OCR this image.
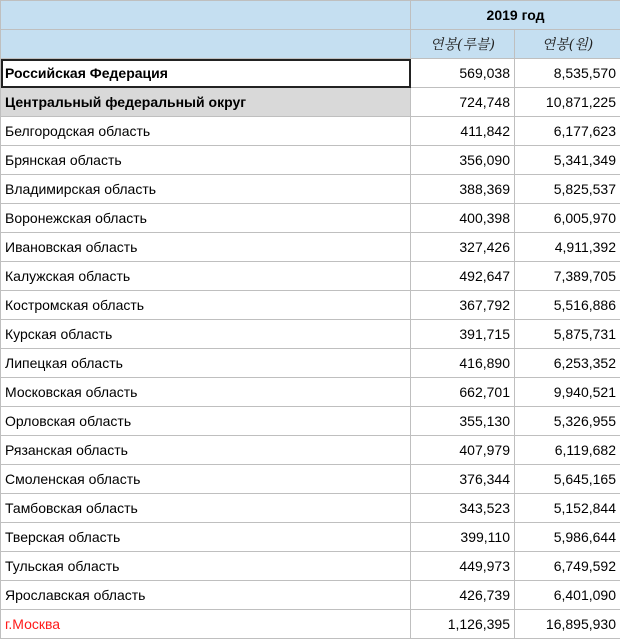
	2019 год	
	연봉(루블)	연봉(원)
Российская Федерация	569,038	8,535,570
Центральный федеральный округ	724,748	10,871,225
Белгородская область	411,842	6,177,623
Брянская область	356,090	5,341,349
Владимирская область	388,369	5,825,537
Воронежская область	400,398	6,005,970
Ивановская область	327,426	4,911,392
Калужская область	492,647	7,389,705
Костромская область	367,792	5,516,886
Курская область	391,715	5,875,731
Липецкая область	416,890	6,253,352
Московская область	662,701	9,940,521
Орловская область	355,130	5,326,955
Рязанская область	407,979	6,119,682
Смоленская область	376,344	5,645,165
Тамбовская область	343,523	5,152,844
Тверская область	399,110	5,986,644
Тульская область	449,973	6,749,592
Ярославская область	426,739	6,401,090
г.Москва	1,126,395	16,895,930
